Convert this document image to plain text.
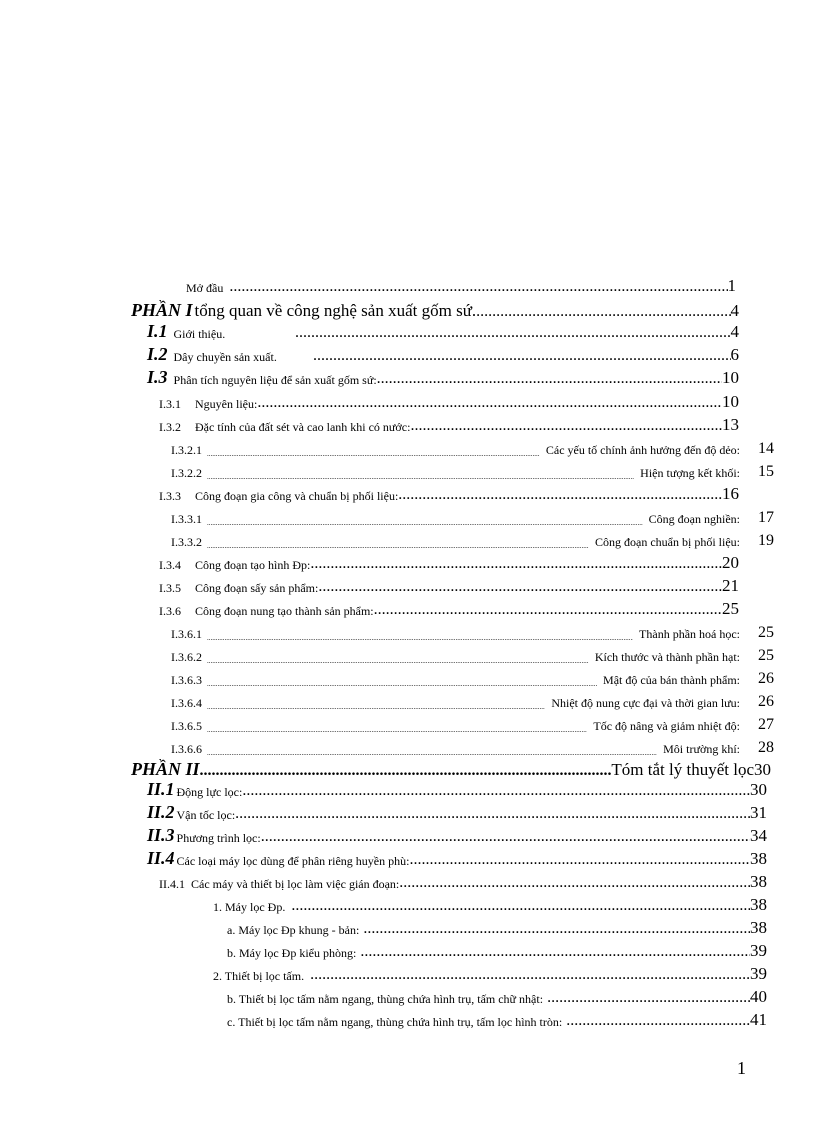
Mở đầu .....	1
PHẦN I tổng quan về công nghệ sản xuất gốm sứ. .....	4
I.1 Giới thiệu. .....	4
I.2 Dây chuyền sản xuất. .....	6
I.3 Phân tích nguyên liệu để sản xuất gốm sứ: .....	10
I.3.1	Nguyên liệu: .....	10
I.3.2	Đặc tính của đất sét và cao lanh khi có nước: .....	13
I.3.2.1 .....	Các yếu tố chính ảnh hưởng đến độ dẻo:	14
I.3.2.2 .....	Hiện tượng kết khối:	15
I.3.3	Công đoạn gia công và chuẩn bị phối liệu: .....	16
I.3.3.1 .....	Công đoạn nghiền:	17
I.3.3.2 .....	Công đoạn chuẩn bị phối liệu:	19
I.3.4	Công đoạn tạo hình Đp: .....	20
I.3.5	Công đoạn sấy sản phẩm: .....	21
I.3.6	Công đoạn nung tạo thành sản phẩm: .....	25
I.3.6.1 .....	Thành phần hoá học:	25
I.3.6.2 .....	Kích thước và thành phần hạt:	25
I.3.6.3 .....	Mật độ của bán thành phẩm:	26
I.3.6.4 .....	Nhiệt độ nung cực đại và thời gian lưu:	26
I.3.6.5 .....	Tốc độ nâng và giảm nhiệt độ:	27
I.3.6.6 .....	Môi trường khí:	28
PHẦN II .....	Tóm tắt lý thuyết lọc 30
II.1 Động lực lọc: .....	30
II.2 Vận tốc lọc: .....	31
II.3 Phương trình lọc: .....	34
II.4 Các loại máy lọc dùng để phân riêng huyền phù: .....	38
II.4.1 Các máy và thiết bị lọc làm việc gián đoạn: .....	38
1. Máy lọc Đp. .....	38
a. Máy lọc Đp khung - bản: .....	38
b. Máy lọc Đp kiểu phòng: .....	39
2. Thiết bị lọc tấm. .....	39
b. Thiết bị lọc tấm nằm ngang, thùng chứa hình trụ, tấm chữ nhật: .....	40
c. Thiết bị lọc tấm nằm ngang, thùng chứa hình trụ, tấm lọc hình tròn: .....	41
1
